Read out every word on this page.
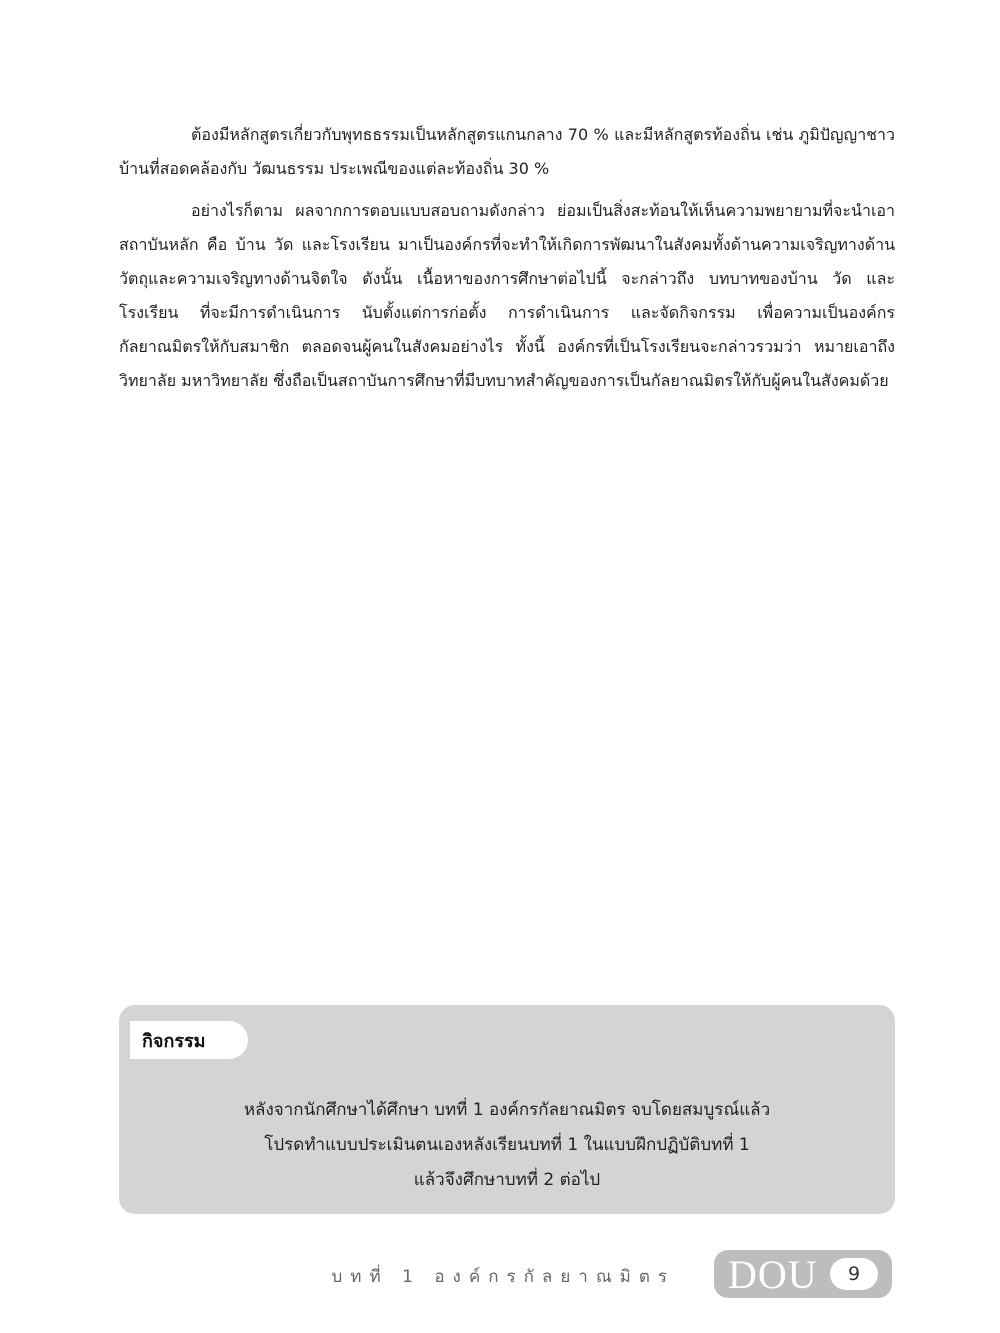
ต้องมีหลักสูตรเกี่ยวกับพุทธธรรมเป็นหลักสูตรแกนกลาง 70 % และมีหลักสูตรท้องถิ่น เช่น ภูมิปัญญาชาวบ้านที่สอดคล้องกับ วัฒนธรรม ประเพณีของแต่ละท้องถิ่น 30 %

อย่างไรก็ตาม ผลจากการตอบแบบสอบถามดังกล่าว ย่อมเป็นสิ่งสะท้อนให้เห็นความพยายามที่จะนำเอาสถาบันหลัก คือ บ้าน วัด และโรงเรียน มาเป็นองค์กรที่จะทำให้เกิดการพัฒนาในสังคมทั้งด้านความเจริญทางด้านวัตถุและความเจริญทางด้านจิตใจ ดังนั้น เนื้อหาของการศึกษาต่อไปนี้ จะกล่าวถึง บทบาทของบ้าน วัด และโรงเรียน ที่จะมีการดำเนินการ นับตั้งแต่การก่อตั้ง การดำเนินการ และจัดกิจกรรม เพื่อความเป็นองค์กรกัลยาณมิตรให้กับสมาชิก ตลอดจนผู้คนในสังคมอย่างไร ทั้งนี้ องค์กรที่เป็นโรงเรียนจะกล่าวรวมว่า หมายเอาถึงวิทยาลัย มหาวิทยาลัย ซึ่งถือเป็นสถาบันการศึกษาที่มีบทบาทสำคัญของการเป็นกัลยาณมิตรให้กับผู้คนในสังคมด้วย

กิจกรรม
หลังจากนักศึกษาได้ศึกษา บทที่ 1 องค์กรกัลยาณมิตร จบโดยสมบูรณ์แล้ว
โปรดทำแบบประเมินตนเองหลังเรียนบทที่ 1 ในแบบฝึกปฏิบัติบทที่ 1
แล้วจึงศึกษาบทที่ 2 ต่อไป
บทที่ 1 องค์กรกัลยาณมิตร DOU	9
